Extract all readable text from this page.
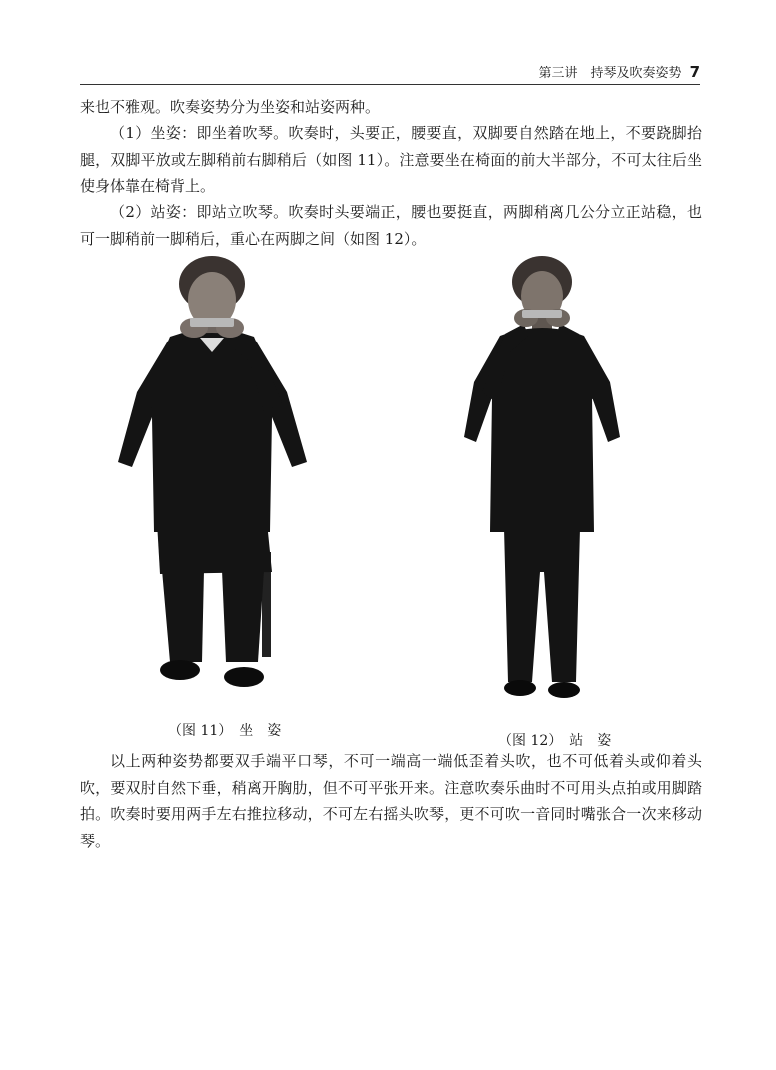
第三讲　持琴及吹奏姿势 7

来也不雅观。吹奏姿势分为坐姿和站姿两种。

（1）坐姿：即坐着吹琴。吹奏时，头要正，腰要直，双脚要自然踏在地上，不要跷脚抬腿，双脚平放或左脚稍前右脚稍后（如图 11）。注意要坐在椅面的前大半部分，不可太往后坐使身体靠在椅背上。

（2）站姿：即站立吹琴。吹奏时头要端正，腰也要挺直，两脚稍离几公分立正站稳，也可一脚稍前一脚稍后，重心在两脚之间（如图 12）。

（图 11）　坐　姿
（图 12）　站　姿

以上两种姿势都要双手端平口琴，不可一端高一端低歪着头吹，也不可低着头或仰着头吹，要双肘自然下垂，稍离开胸肋，但不可平张开来。注意吹奏乐曲时不可用头点拍或用脚踏拍。吹奏时要用两手左右推拉移动，不可左右摇头吹琴，更不可吹一音同时嘴张合一次来移动琴。
